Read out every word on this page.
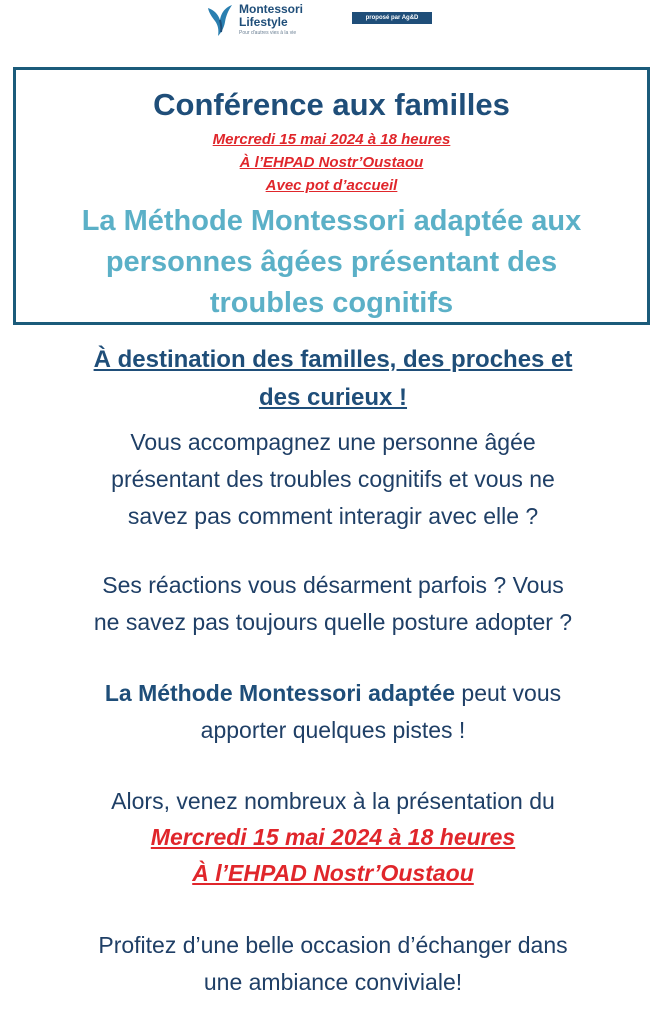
Montessori
Lifestyle
Pour d'autres vies à la vie
proposé par Ag&D
Conférence aux familles
Mercredi 15 mai 2024 à 18 heures
À l’EHPAD Nostr’Oustaou
Avec pot d’accueil
La Méthode Montessori adaptée aux
personnes âgées présentant des
troubles cognitifs
À destination des familles, des proches et
des curieux !
Vous accompagnez une personne âgée
présentant des troubles cognitifs et vous ne
savez pas comment interagir avec elle ?
Ses réactions vous désarment parfois ? Vous
ne savez pas toujours quelle posture adopter ?
La Méthode Montessori adaptée peut vous
apporter quelques pistes !
Alors, venez nombreux à la présentation du
Mercredi 15 mai 2024 à 18 heures
À l’EHPAD Nostr’Oustaou
Profitez d’une belle occasion d’échanger dans
une ambiance conviviale!
